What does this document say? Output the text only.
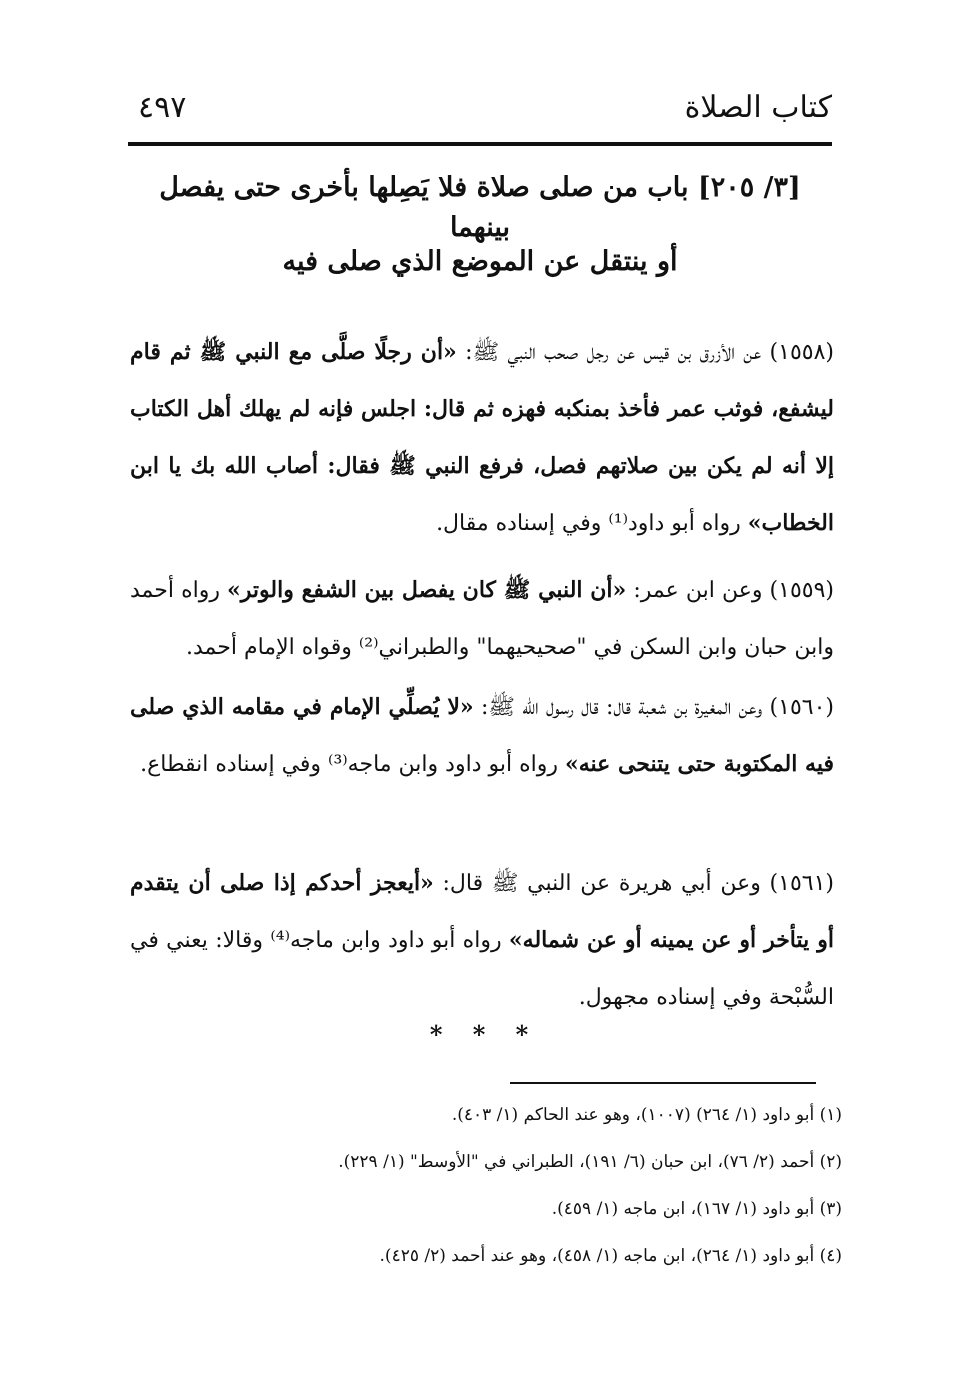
كتاب الصلاة
٤٩٧
[٣/ ٢٠٥] باب من صلى صلاة فلا يَصِلها بأخرى حتى يفصل بينهما
أو ينتقل عن الموضع الذي صلى فيه

(١٥٥٨) عن الأزرق بن قيس عن رجل صحب النبي ﷺ: «أن رجلًا صلَّى مع النبي ﷺ ثم قام ليشفع، فوثب عمر فأخذ بمنكبه فهزه ثم قال: اجلس فإنه لم يهلك أهل الكتاب إلا أنه لم يكن بين صلاتهم فصل، فرفع النبي ﷺ فقال: أصاب الله بك يا ابن الخطاب» رواه أبو داود⁽¹⁾ وفي إسناده مقال.

(١٥٥٩) وعن ابن عمر: «أن النبي ﷺ كان يفصل بين الشفع والوتر» رواه أحمد وابن حبان وابن السكن في "صحيحيهما" والطبراني⁽²⁾ وقواه الإمام أحمد.

(١٥٦٠) وعن المغيرة بن شعبة قال: قال رسول الله ﷺ: «لا يُصلِّي الإمام في مقامه الذي صلى فيه المكتوبة حتى يتنحى عنه» رواه أبو داود وابن ماجه⁽³⁾ وفي إسناده انقطاع.

(١٥٦١) وعن أبي هريرة عن النبي ﷺ قال: «أيعجز أحدكم إذا صلى أن يتقدم أو يتأخر أو عن يمينه أو عن شماله» رواه أبو داود وابن ماجه⁽⁴⁾ وقالا: يعني في السُّبْحة وفي إسناده مجهول.

* * *
(١) أبو داود (١/ ٢٦٤) (١٠٠٧)، وهو عند الحاكم (١/ ٤٠٣).
(٢) أحمد (٢/ ٧٦)، ابن حبان (٦/ ١٩١)، الطبراني في "الأوسط" (١/ ٢٢٩).
(٣) أبو داود (١/ ١٦٧)، ابن ماجه (١/ ٤٥٩).
(٤) أبو داود (١/ ٢٦٤)، ابن ماجه (١/ ٤٥٨)، وهو عند أحمد (٢/ ٤٢٥).
